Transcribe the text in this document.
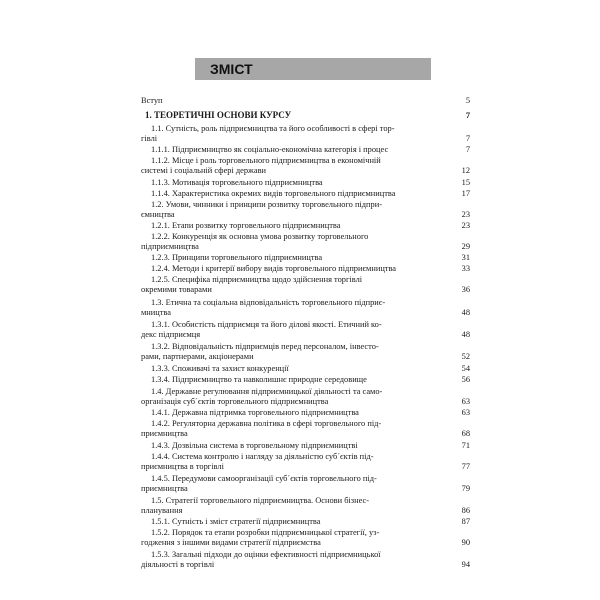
ЗМІСТ
Вступ	5
1. ТЕОРЕТИЧНІ ОСНОВИ КУРСУ	7
1.1. Сутність, роль підприємництва та його особливості в сфері тор-
гівлі	7
1.1.1. Підприємництво як соціально-економічна категорія і процес	7
1.1.2. Місце і роль торговельного підприємництва в економічній
системі і соціальній сфері держави	12
1.1.3. Мотивація торговельного підприємництва	15
1.1.4. Характеристика окремих видів торговельного підприємництва	17
1.2. Умови, чинники і принципи розвитку торговельного підпри-
ємництва	23
1.2.1. Етапи розвитку торговельного підприємництва	23
1.2.2. Конкуренція як основна умова розвитку торговельного
підприємництва	29
1.2.3. Принципи торговельного підприємництва	31
1.2.4. Методи і критерії вибору видів торговельного підприємництва	33
1.2.5. Специфіка підприємництва щодо здійснення торгівлі
окремими товарами	36
1.3. Етична та соціальна відповідальність торговельного підприє-
мництва	48
1.3.1. Особистість підприємця та його ділові якості. Етичний ко-
декс підприємця	48
1.3.2. Відповідальність підприємців перед персоналом, інвесто-
рами, партнерами, акціонерами	52
1.3.3. Споживачі та захист конкуренції	54
1.3.4. Підприємництво та навколишнє природне середовище	56
1.4. Державне регулювання підприємницької діяльності та само-
організація суб´єктів торговельного підприємництва	63
1.4.1. Державна підтримка торговельного підприємництва	63
1.4.2. Регуляторна державна політика в сфері торговельного під-
приємництва	68
1.4.3. Дозвільна система в торговельному підприємництві	71
1.4.4. Система контролю і нагляду за діяльністю суб´єктів під-
приємництва в торгівлі	77
1.4.5. Передумови самоорганізації суб´єктів торговельного під-
приємництва	79
1.5. Стратегії торговельного підприємництва. Основи бізнес-
планування	86
1.5.1. Сутність і зміст стратегії підприємництва	87
1.5.2. Порядок та етапи розробки підприємницької стратегії, уз-
годження з іншими видами стратегії підприємства	90
1.5.3. Загальні підходи до оцінки ефективності підприємницької
діяльності в торгівлі	94
